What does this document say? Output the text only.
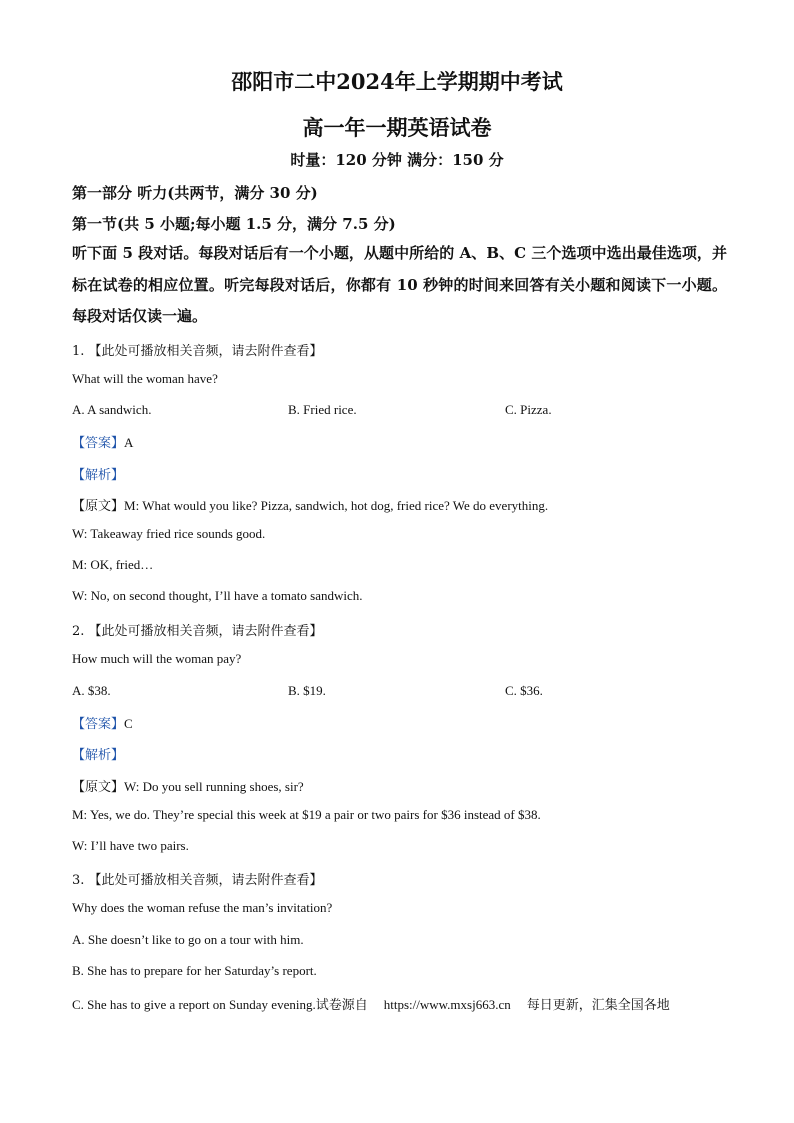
邵阳市二中2024年上学期期中考试
高一年一期英语试卷
时量：120 分钟 满分：150 分
第一部分 听力(共两节，满分 30 分)
第一节(共 5 小题;每小题 1.5 分，满分 7.5 分)
听下面 5 段对话。每段对话后有一个小题，从题中所给的 A、B、C 三个选项中选出最佳选项，并标在试卷的相应位置。听完每段对话后，你都有 10 秒钟的时间来回答有关小题和阅读下一小题。每段对话仅读一遍。
1. 【此处可播放相关音频，请去附件查看】
What will the woman have?
A. A sandwich.	B. Fried rice.	C. Pizza.
【答案】A
【解析】
【原文】M: What would you like? Pizza, sandwich, hot dog, fried rice? We do everything.
W: Takeaway fried rice sounds good.
M: OK, fried…
W: No, on second thought, I’ll have a tomato sandwich.
2. 【此处可播放相关音频，请去附件查看】
How much will the woman pay?
A. $38.	B. $19.	C. $36.
【答案】C
【解析】
【原文】W: Do you sell running shoes, sir?
M: Yes, we do. They’re special this week at $19 a pair or two pairs for $36 instead of $38.
W: I’ll have two pairs.
3. 【此处可播放相关音频，请去附件查看】
Why does the woman refuse the man’s invitation?
A. She doesn’t like to go on a tour with him.
B. She has to prepare for her Saturday’s report.
C. She has to give a report on Sunday evening.试卷源自 https://www.mxsj663.cn 每日更新，汇集全国各地
